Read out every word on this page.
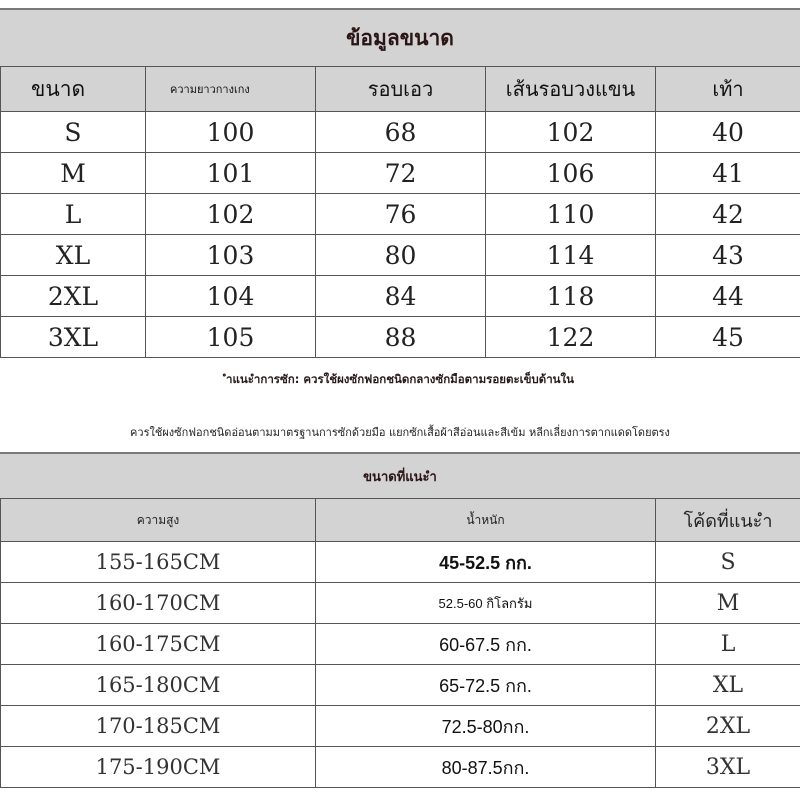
ข้อมูลขนาด
ขนาด	ความยาวกางเกง	รอบเอว	เส้นรอบวงแขน	เท้า
S	100	68	102	40
M	101	72	106	41
L	102	76	110	42
XL	103	80	114	43
2XL	104	84	118	44
3XL	105	88	122	45
ำแนะำการซัก: ควรใช้ผงซักฟอกชนิดกลางซักมือตามรอยตะเข็บด้านใน
ควรใช้ผงซักฟอกชนิดอ่อนตามมาตรฐานการซักด้วยมือ แยกซักเสื้อผ้าสีอ่อนและสีเข้ม หลีกเลี่ยงการตากแดดโดยตรง
ขนาดที่แนะำ
ความสูง	น้ำหนัก	โค้ดที่แนะำ
155-165CM	45-52.5 กก.	S
160-170CM	52.5-60 กิโลกรัม	M
160-175CM	60-67.5 กก.	L
165-180CM	65-72.5 กก.	XL
170-185CM	72.5-80กก.	2XL
175-190CM	80-87.5กก.	3XL
